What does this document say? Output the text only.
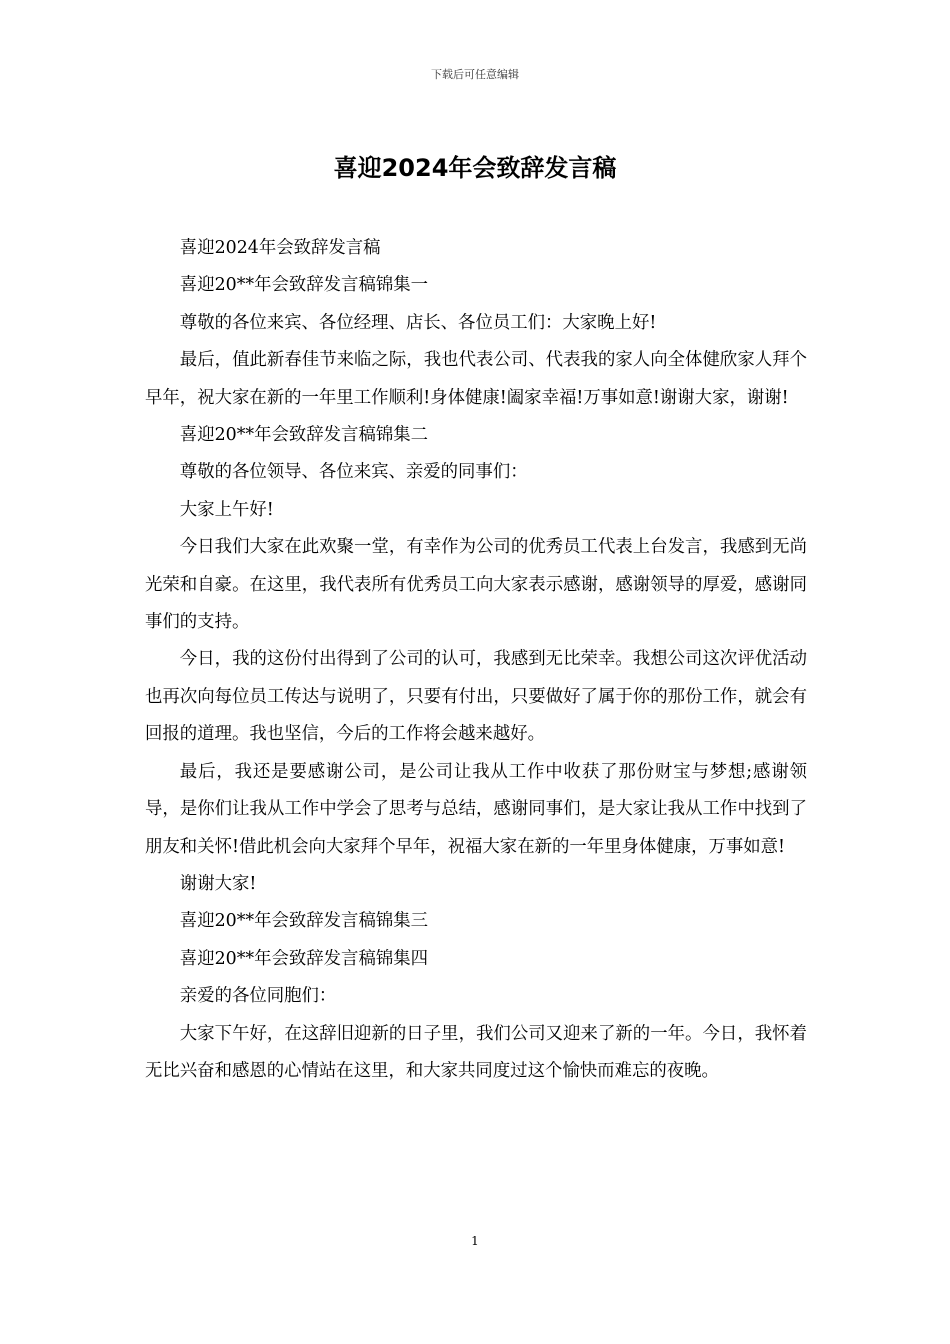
下载后可任意编辑
喜迎2024年会致辞发言稿

喜迎2024年会致辞发言稿

喜迎20**年会致辞发言稿锦集一

尊敬的各位来宾、各位经理、店长、各位员工们：大家晚上好!

最后，值此新春佳节来临之际，我也代表公司、代表我的家人向全体健欣家人拜个早年，祝大家在新的一年里工作顺利!身体健康!阖家幸福!万事如意!谢谢大家，谢谢!

喜迎20**年会致辞发言稿锦集二

尊敬的各位领导、各位来宾、亲爱的同事们：

大家上午好!

今日我们大家在此欢聚一堂，有幸作为公司的优秀员工代表上台发言，我感到无尚光荣和自豪。在这里，我代表所有优秀员工向大家表示感谢，感谢领导的厚爱，感谢同事们的支持。

今日，我的这份付出得到了公司的认可，我感到无比荣幸。我想公司这次评优活动也再次向每位员工传达与说明了，只要有付出，只要做好了属于你的那份工作，就会有回报的道理。我也坚信，今后的工作将会越来越好。

最后，我还是要感谢公司，是公司让我从工作中收获了那份财宝与梦想;感谢领导，是你们让我从工作中学会了思考与总结，感谢同事们，是大家让我从工作中找到了朋友和关怀!借此机会向大家拜个早年，祝福大家在新的一年里身体健康，万事如意!

谢谢大家!

喜迎20**年会致辞发言稿锦集三

喜迎20**年会致辞发言稿锦集四

亲爱的各位同胞们：

大家下午好，在这辞旧迎新的日子里，我们公司又迎来了新的一年。今日，我怀着无比兴奋和感恩的心情站在这里，和大家共同度过这个愉快而难忘的夜晚。

1
